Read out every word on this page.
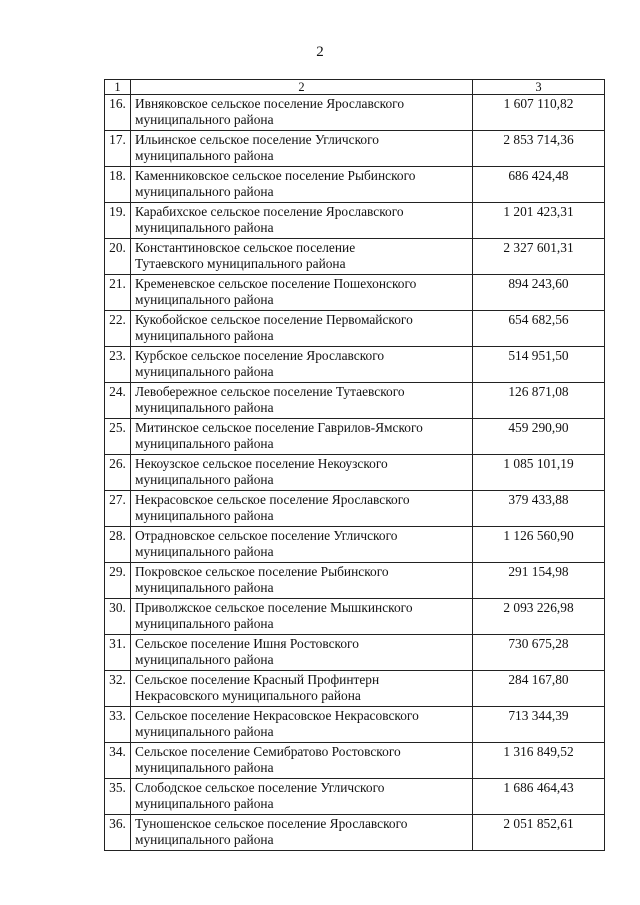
2
1	2	3
16.	Ивняковское сельское поселение Ярославского
муниципального района	1 607 110,82
17.	Ильинское сельское поселение Угличского
муниципального района	2 853 714,36
18.	Каменниковское сельское поселение Рыбинского
муниципального района	686 424,48
19.	Карабихское сельское поселение Ярославского
муниципального района	1 201 423,31
20.	Константиновское сельское поселение
Тутаевского муниципального района	2 327 601,31
21.	Кременевское сельское поселение Пошехонского
муниципального района	894 243,60
22.	Кукобойское сельское поселение Первомайского
муниципального района	654 682,56
23.	Курбское сельское поселение Ярославского
муниципального района	514 951,50
24.	Левобережное сельское поселение Тутаевского
муниципального района	126 871,08
25.	Митинское сельское поселение Гаврилов-Ямского
муниципального района	459 290,90
26.	Некоузское сельское поселение Некоузского
муниципального района	1 085 101,19
27.	Некрасовское сельское поселение Ярославского
муниципального района	379 433,88
28.	Отрадновское сельское поселение Угличского
муниципального района	1 126 560,90
29.	Покровское сельское поселение Рыбинского
муниципального района	291 154,98
30.	Приволжское сельское поселение Мышкинского
муниципального района	2 093 226,98
31.	Сельское поселение Ишня Ростовского
муниципального района	730 675,28
32.	Сельское поселение Красный Профинтерн
Некрасовского муниципального района	284 167,80
33.	Сельское поселение Некрасовское Некрасовского
муниципального района	713 344,39
34.	Сельское поселение Семибратово Ростовского
муниципального района	1 316 849,52
35.	Слободское сельское поселение Угличского
муниципального района	1 686 464,43
36.	Туношенское сельское поселение Ярославского
муниципального района	2 051 852,61
